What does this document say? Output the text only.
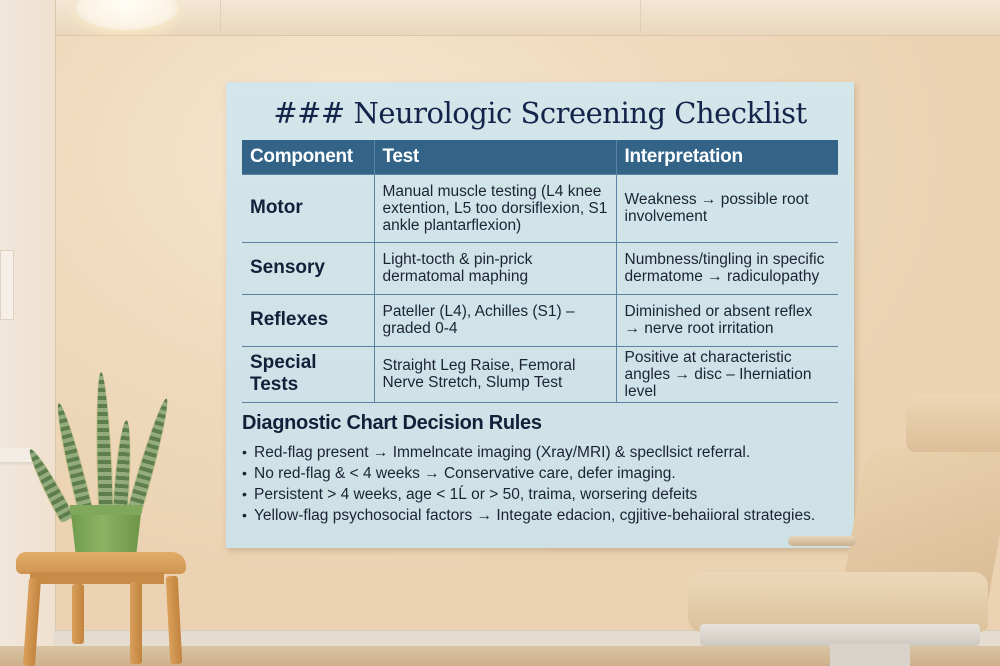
### Neurologic Screening Checklist
Component	Test	Interpretation
Motor	Manual muscle testing (L4 knee extention, L5 too dorsiflexion, S1 ankle plantarflexion)	Weakness → possible root involvement
Sensory	Light-tocth & pin-prick dermatomal maphing	Numbness/tingling in specific dermatome → radiculopathy
Reflexes	Pateller (L4), Achilles (S1) – graded 0-4	Diminished or absent reflex → nerve root irritation
Special Tests	Straight Leg Raise, Femoral Nerve Stretch, Slump Test	Positive at characteristic angles → disc – Iherniation level
Diagnostic Chart Decision Rules
• Red-flag present → Immelncate imaging (Xray/MRI) & specllsict referral.
• No red-flag & < 4 weeks → Conservative care, defer imaging.
• Persistent > 4 weeks, age < 1Ĺ or > 50, traima, worsering defeits
• Yellow-flag psychosocial factors → Integate edacion, cgjitive-behaiioral strategies.
